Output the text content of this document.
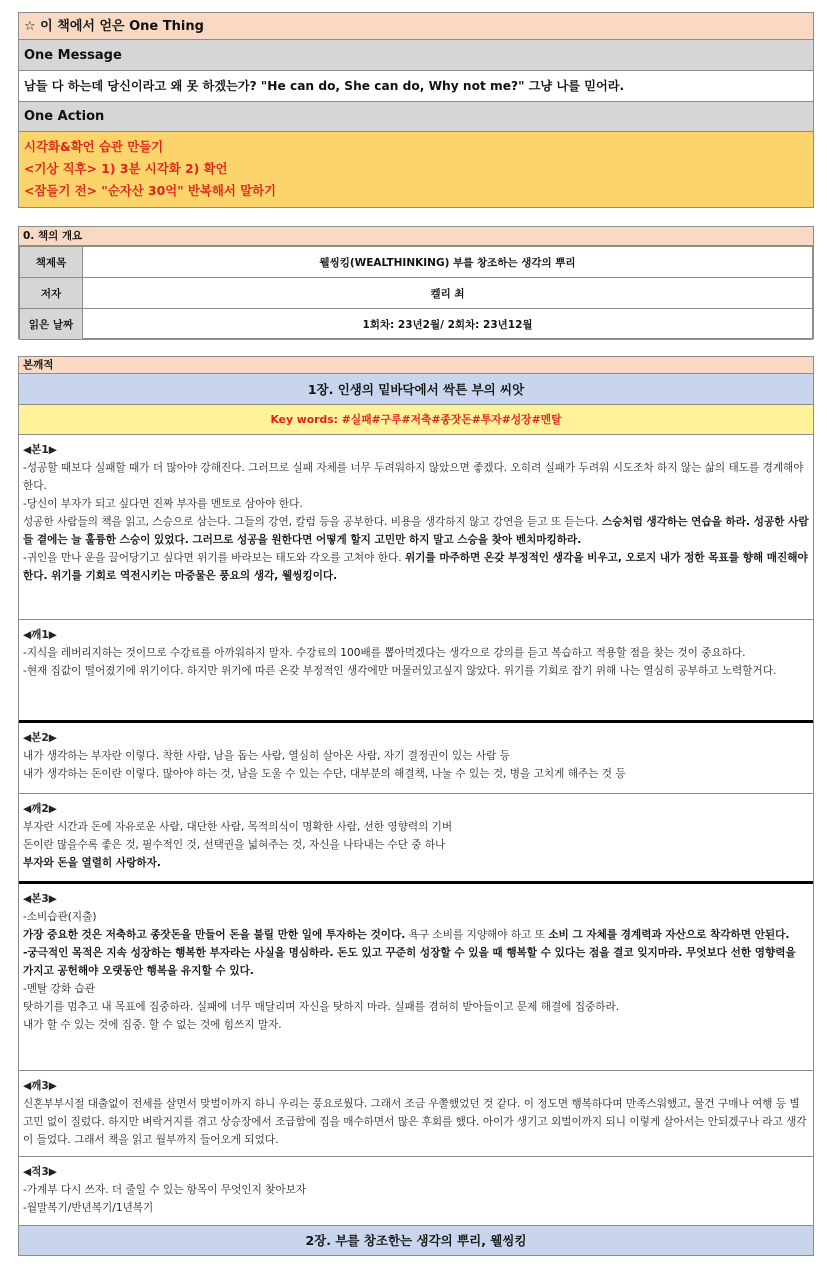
☆ 이 책에서 얻은 One Thing
One Message
남들 다 하는데 당신이라고 왜 못 하겠는가? "He can do, She can do, Why not me?" 그냥 나를 믿어라.
One Action
시각화&확언 습관 만들기
<기상 직후> 1) 3분 시각화 2) 확언
<잠들기 전> "순자산 30억" 반복해서 말하기
0. 책의 개요
책제목	웰씽킹(WEALTHINKING) 부를 창조하는 생각의 뿌리
저자	켈리 최
읽은 날짜	1회차: 23년2월/ 2회차: 23년12월
본깨적
1장. 인생의 밑바닥에서 싹튼 부의 씨앗
Key words: #실패#구루#저축#종잣돈#투자#성장#멘탈
◀본1▶
-성공할 때보다 실패할 때가 더 많아야 강해진다. 그러므로 실패 자체를 너무 두려워하지 않았으면 좋겠다. 오히려 실패가 두려워 시도조차 하지 않는 삶의 태도를 경계해야 한다.
-당신이 부자가 되고 싶다면 진짜 부자를 멘토로 삼아야 한다.
성공한 사람들의 책을 읽고, 스승으로 삼는다. 그들의 강연, 칼럼 등을 공부한다. 비용을 생각하지 않고 강연을 듣고 또 듣는다. 스승처럼 생각하는 연습을 하라. 성공한 사람들 곁에는 늘 훌륭한 스승이 있었다. 그러므로 성공을 원한다면 어떻게 할지 고민만 하지 말고 스승을 찾아 벤치마킹하라.
-귀인을 만나 운을 끌어당기고 싶다면 위기를 바라보는 태도와 각오를 고쳐야 한다. 위기를 마주하면 온갖 부정적인 생각을 비우고, 오로지 내가 정한 목표를 향해 매진해야 한다. 위기를 기회로 역전시키는 마중물은 풍요의 생각, 웰씽킹이다.
◀깨1▶
-지식을 레버리지하는 것이므로 수강료를 아까워하지 말자. 수강료의 100배를 뽑아먹겠다는 생각으로 강의를 듣고 복습하고 적용할 점을 찾는 것이 중요하다.
-현재 집값이 떨어졌기에 위기이다. 하지만 위기에 따른 온갖 부정적인 생각에만 머물러있고싶지 않았다. 위기를 기회로 잡기 위해 나는 열심히 공부하고 노력할거다.
◀본2▶
내가 생각하는 부자란 이렇다. 착한 사람, 남을 돕는 사람, 열심히 살아온 사람, 자기 결정권이 있는 사람 등
내가 생각하는 돈이란 이렇다. 많아야 하는 것, 남을 도울 수 있는 수단, 대부분의 해결책, 나눌 수 있는 것, 병을 고치게 해주는 것 등
◀깨2▶
부자란 시간과 돈에 자유로운 사람, 대단한 사람, 목적의식이 명확한 사람, 선한 영향력의 기버
돈이란 많을수록 좋은 것, 필수적인 것, 선택권을 넓혀주는 것, 자신을 나타내는 수단 중 하나
부자와 돈을 열렬히 사랑하자.
◀본3▶
-소비습관(지출)
가장 중요한 것은 저축하고 종잣돈을 만들어 돈을 불릴 만한 일에 투자하는 것이다. 욕구 소비를 지양해야 하고 또 소비 그 자체를 경계력과 자산으로 착각하면 안된다.
-궁극적인 목적은 지속 성장하는 행복한 부자라는 사실을 명심하라. 돈도 있고 꾸준히 성장할 수 있을 때 행복할 수 있다는 점을 결코 잊지마라. 무엇보다 선한 영향력을 가지고 공헌해야 오랫동안 행복을 유지할 수 있다.
-멘탈 강화 습관
탓하기를 멈추고 내 목표에 집중하라. 실패에 너무 매달리며 자신을 탓하지 마라. 실패를 겸허히 받아들이고 문제 해결에 집중하라.
내가 할 수 있는 것에 집중. 할 수 없는 것에 힘쓰지 말자.
◀깨3▶
신혼부부시절 대출없이 전세를 살면서 맞벌이까지 하니 우리는 풍요로웠다. 그래서 조금 우쭐했었던 것 같다. 이 정도면 행복하다며 만족스워했고, 물건 구매나 여행 등 별 고민 없이 질렀다. 하지만 벼락거지를 겪고 상승장에서 조급함에 집을 매수하면서 많은 후회를 했다. 아이가 생기고 외벌이까지 되니 이렇게 살아서는 안되겠구나 라고 생각이 들었다. 그래서 책을 읽고 월부까지 들어오게 되었다.
◀적3▶
-가계부 다시 쓰자. 더 줄일 수 있는 항목이 무엇인지 찾아보자
-월말복기/반년복기/1년복기
2장. 부를 창조한는 생각의 뿌리, 웰씽킹
